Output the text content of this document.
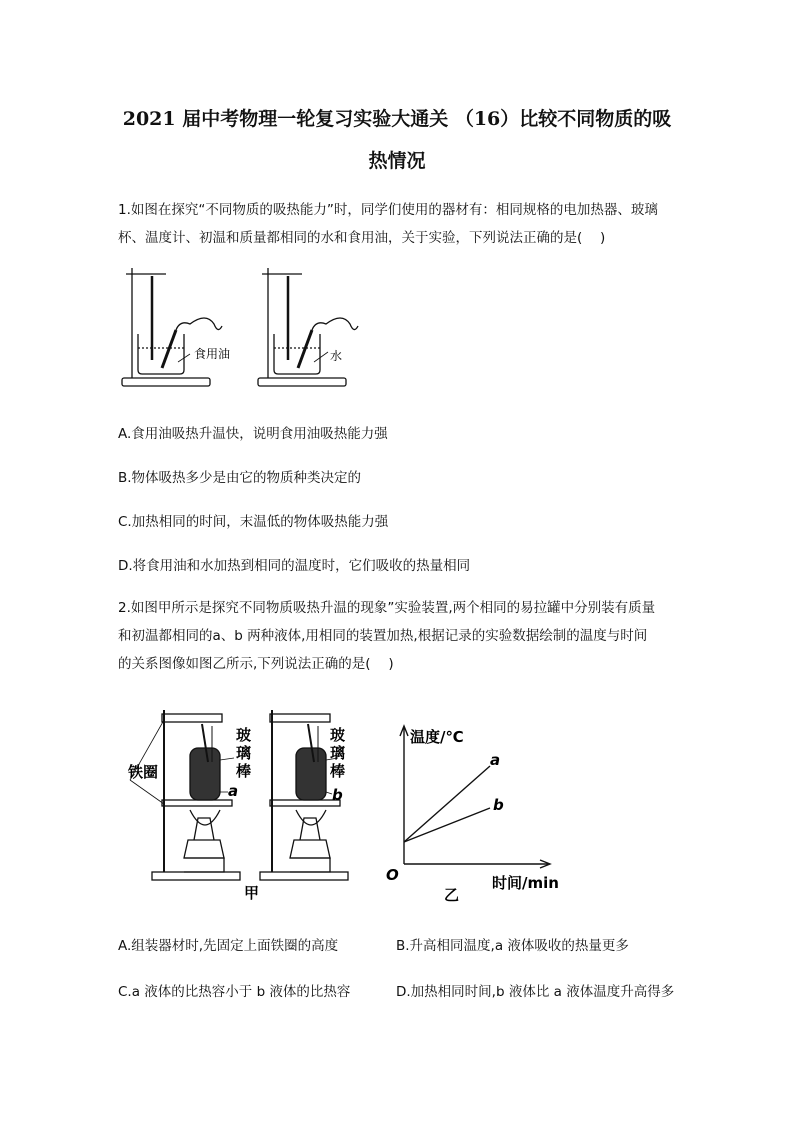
2021 届中考物理一轮复习实验大通关 （16）比较不同物质的吸
热情况
1.如图在探究“不同物质的吸热能力”时，同学们使用的器材有：相同规格的电加热器、玻璃
杯、温度计、初温和质量都相同的水和食用油，关于实验，下列说法正确的是(　 )
食用油	水
A.食用油吸热升温快，说明食用油吸热能力强
B.物体吸热多少是由它的物质种类决定的
C.加热相同的时间，末温低的物体吸热能力强
D.将食用油和水加热到相同的温度时，它们吸收的热量相同
2.如图甲所示是探究不同物质吸热升温的现象”实验装置,两个相同的易拉罐中分别装有质量
和初温都相同的a、b 两种液体,用相同的装置加热,根据记录的实验数据绘制的温度与时间
的关系图像如图乙所示,下列说法正确的是(　 )
铁圈
玻
璃
棒
a
玻
璃
棒
b
甲
温度/℃
a
b
O	时间/min
乙
A.组装器材时,先固定上面铁圈的高度	B.升高相同温度,a 液体吸收的热量更多
C.a 液体的比热容小于 b 液体的比热容	D.加热相同时间,b 液体比 a 液体温度升高得多
